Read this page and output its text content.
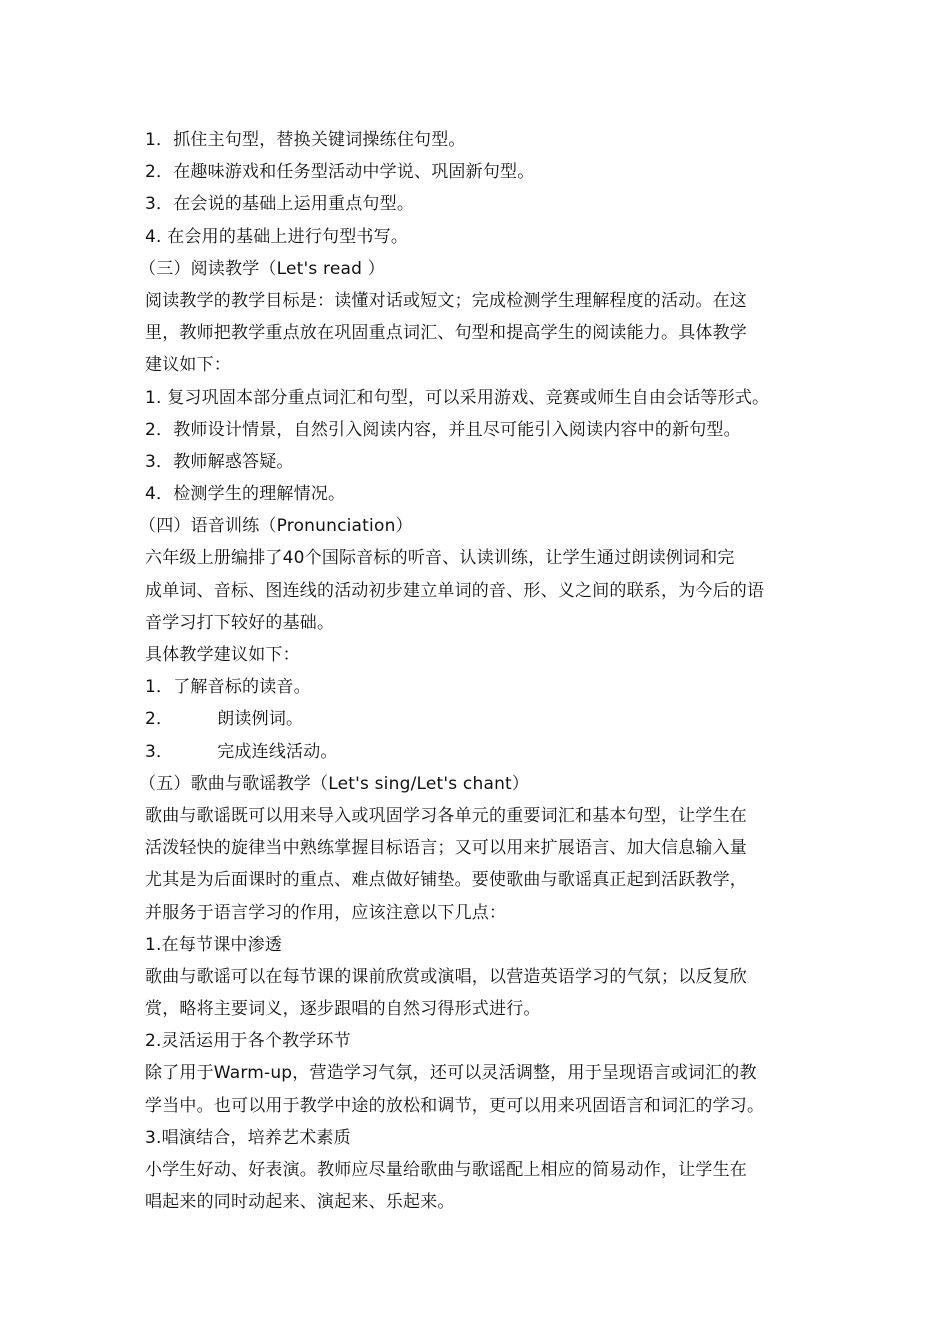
1．抓住主句型，替换关键词操练住句型。
2．在趣味游戏和任务型活动中学说、巩固新句型。
3．在会说的基础上运用重点句型。
4. 在会用的基础上进行句型书写。
（三）阅读教学（Let's read ）
阅读教学的教学目标是：读懂对话或短文；完成检测学生理解程度的活动。在这
里，教师把教学重点放在巩固重点词汇、句型和提高学生的阅读能力。具体教学
建议如下：
1. 复习巩固本部分重点词汇和句型，可以采用游戏、竞赛或师生自由会话等形式。
2．教师设计情景，自然引入阅读内容，并且尽可能引入阅读内容中的新句型。
3．教师解惑答疑。
4．检测学生的理解情况。
（四）语音训练（Pronunciation）
六年级上册编排了40个国际音标的听音、认读训练，让学生通过朗读例词和完
成单词、音标、图连线的活动初步建立单词的音、形、义之间的联系，为今后的语
音学习打下较好的基础。
具体教学建议如下：
1．了解音标的读音。
2．	朗读例词。
3．	完成连线活动。
（五）歌曲与歌谣教学（Let's sing/Let's chant）
歌曲与歌谣既可以用来导入或巩固学习各单元的重要词汇和基本句型，让学生在
活泼轻快的旋律当中熟练掌握目标语言；又可以用来扩展语言、加大信息输入量
尤其是为后面课时的重点、难点做好铺垫。要使歌曲与歌谣真正起到活跃教学，
并服务于语言学习的作用，应该注意以下几点：
1.在每节课中渗透
歌曲与歌谣可以在每节课的课前欣赏或演唱，以营造英语学习的气氛；以反复欣
赏，略将主要词义，逐步跟唱的自然习得形式进行。
2.灵活运用于各个教学环节
除了用于Warm-up，营造学习气氛，还可以灵活调整，用于呈现语言或词汇的教
学当中。也可以用于教学中途的放松和调节，更可以用来巩固语言和词汇的学习。
3.唱演结合，培养艺术素质
小学生好动、好表演。教师应尽量给歌曲与歌谣配上相应的简易动作，让学生在
唱起来的同时动起来、演起来、乐起来。
